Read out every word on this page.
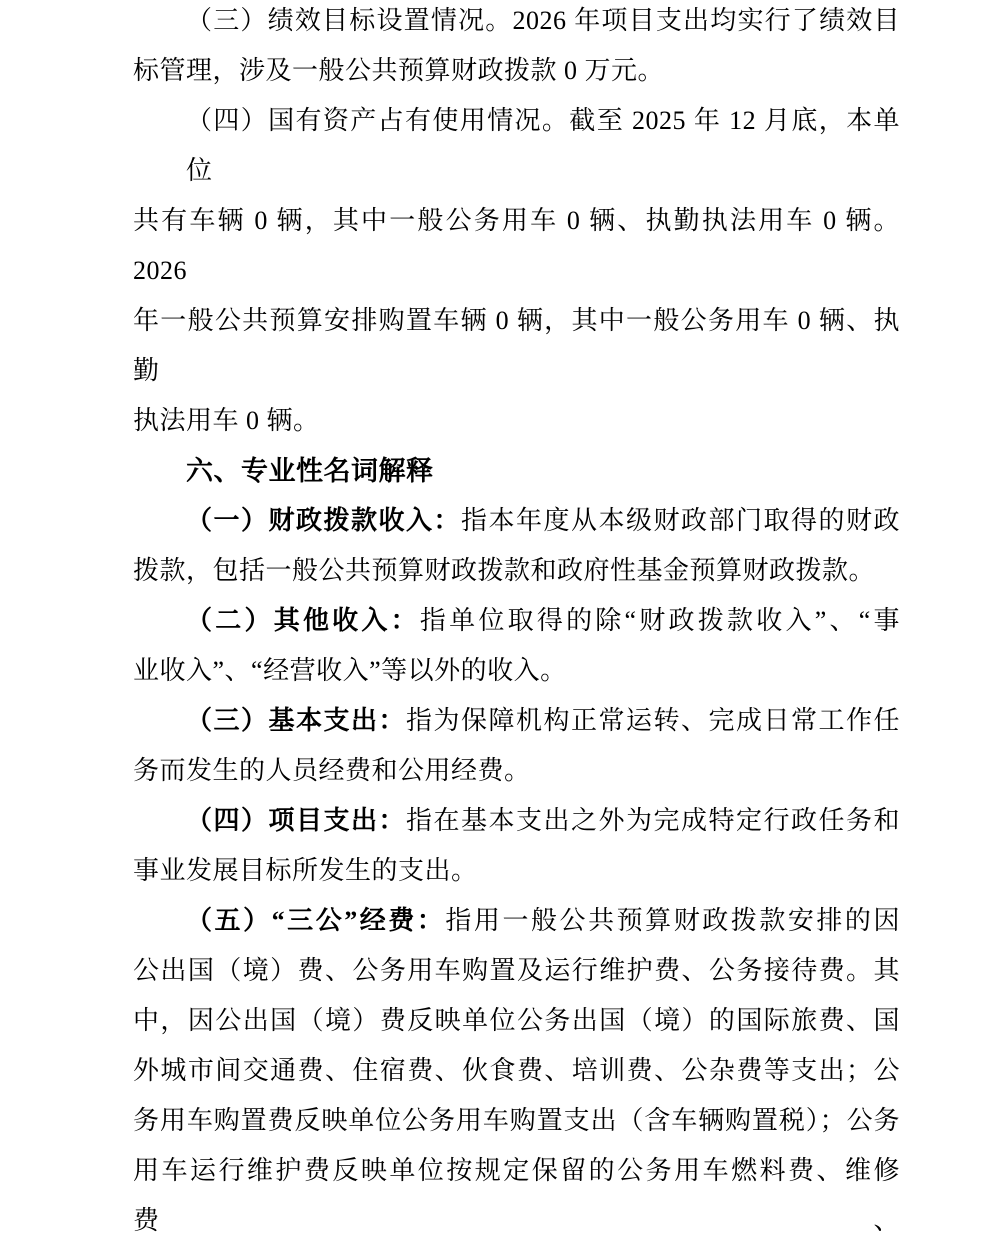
（三）绩效目标设置情况。2026 年项目支出均实行了绩效目
标管理，涉及一般公共预算财政拨款 0 万元。
（四）国有资产占有使用情况。截至 2025 年 12 月底，本单位
共有车辆 0 辆，其中一般公务用车 0 辆、执勤执法用车 0 辆。2026
年一般公共预算安排购置车辆 0 辆，其中一般公务用车 0 辆、执勤
执法用车 0 辆。
六、专业性名词解释
（一）财政拨款收入：指本年度从本级财政部门取得的财政
拨款，包括一般公共预算财政拨款和政府性基金预算财政拨款。
（二）其他收入：指单位取得的除“财政拨款收入”、“事
业收入”、“经营收入”等以外的收入。
（三）基本支出：指为保障机构正常运转、完成日常工作任
务而发生的人员经费和公用经费。
（四）项目支出：指在基本支出之外为完成特定行政任务和
事业发展目标所发生的支出。
（五）“三公”经费：指用一般公共预算财政拨款安排的因
公出国（境）费、公务用车购置及运行维护费、公务接待费。其
中，因公出国（境）费反映单位公务出国（境）的国际旅费、国
外城市间交通费、住宿费、伙食费、培训费、公杂费等支出；公
务用车购置费反映单位公务用车购置支出（含车辆购置税）；公务
用车运行维护费反映单位按规定保留的公务用车燃料费、维修费、
